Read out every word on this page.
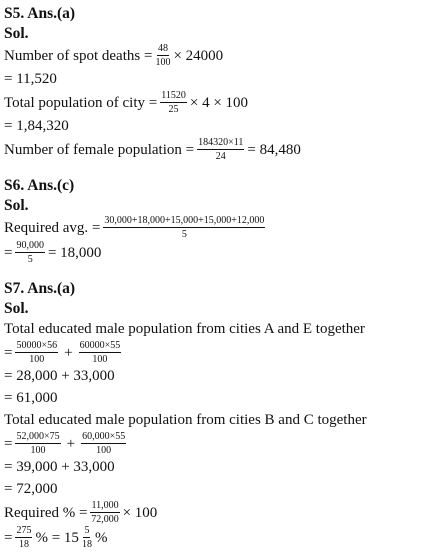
S5. Ans.(a)
Sol.
Number of spot deaths = $\frac{48}{100} \times 24000$
= 11,520
Total population of city = $\frac{11520}{25} \times 4 \times 100$
= 1,84,320
Number of female population = $\frac{184320\times 11}{24} = 84,480$
S6. Ans.(c)
Sol.
Required avg. = $\frac{30,000+18,000+15,000+15,000+12,000}{5}$
= $\frac{90,000}{5} = 18,000$
S7. Ans.(a)
Sol.
Total educated male population from cities A and E together
= $\frac{50000\times 56}{100} + \frac{60000\times 55}{100}$
= 28,000 + 33,000
= 61,000
Total educated male population from cities B and C together
= $\frac{52,000\times 75}{100} + \frac{60,000\times 55}{100}$
= 39,000 + 33,000
= 72,000
Required % = $\frac{11,000}{72,000} \times 100$
= $\frac{275}{18}$ % = $15 \frac{5}{18}$ %
